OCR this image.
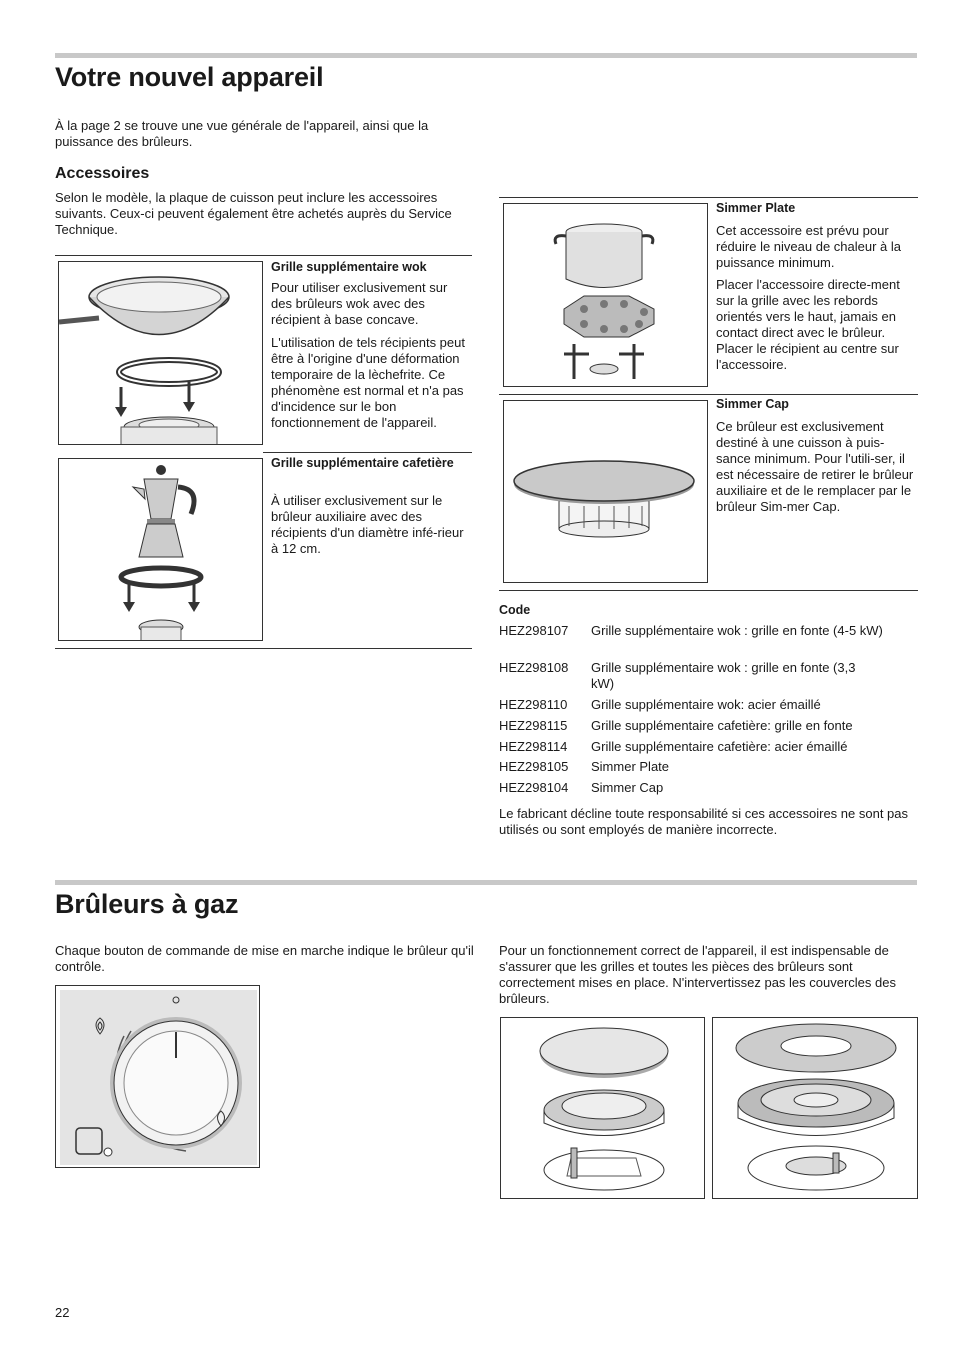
Votre nouvel appareil
À la page 2 se trouve une vue générale de l'appareil, ainsi que la puissance des brûleurs.
Accessoires
Selon le modèle, la plaque de cuisson peut inclure les accessoires suivants. Ceux-ci peuvent également être achetés auprès du Service Technique.
Grille supplémentaire wok
Pour utiliser exclusivement sur des brûleurs wok avec des récipient à base concave.
L'utilisation de tels récipients peut être à l'origine d'une déformation temporaire de la lèchefrite. Ce phénomène est normal et n'a pas d'incidence sur le bon fonctionnement de l'appareil.
Grille supplémentaire cafetière
À utiliser exclusivement sur le brûleur auxiliaire avec des récipients d'un diamètre infé-rieur à 12 cm.
Simmer Plate
Cet accessoire est prévu pour réduire le niveau de chaleur à la puissance minimum.
Placer l'accessoire directe-ment sur la grille avec les rebords orientés vers le haut, jamais en contact direct avec le brûleur. Placer le récipient au centre sur l'accessoire.
Simmer Cap
Ce brûleur est exclusivement destiné à une cuisson à puis-sance minimum. Pour l'utili-ser, il est nécessaire de retirer le brûleur auxiliaire et de le remplacer par le brûleur Sim-mer Cap.
Code
HEZ298107	Grille supplémentaire wok : grille en fonte (4-5 kW)
HEZ298108	Grille supplémentaire wok : grille en fonte (3,3 kW)
HEZ298110	Grille supplémentaire wok: acier émaillé
HEZ298115	Grille supplémentaire cafetière: grille en fonte
HEZ298114	Grille supplémentaire cafetière: acier émaillé
HEZ298105	Simmer Plate
HEZ298104	Simmer Cap
Le fabricant décline toute responsabilité si ces accessoires ne sont pas utilisés ou sont employés de manière incorrecte.
Brûleurs à gaz
Chaque bouton de commande de mise en marche indique le brûleur qu'il contrôle.
Pour un fonctionnement correct de l'appareil, il est indispensable de s'assurer que les grilles et toutes les pièces des brûleurs sont correctement mises en place. N'intervertissez pas les couvercles des brûleurs.
22
